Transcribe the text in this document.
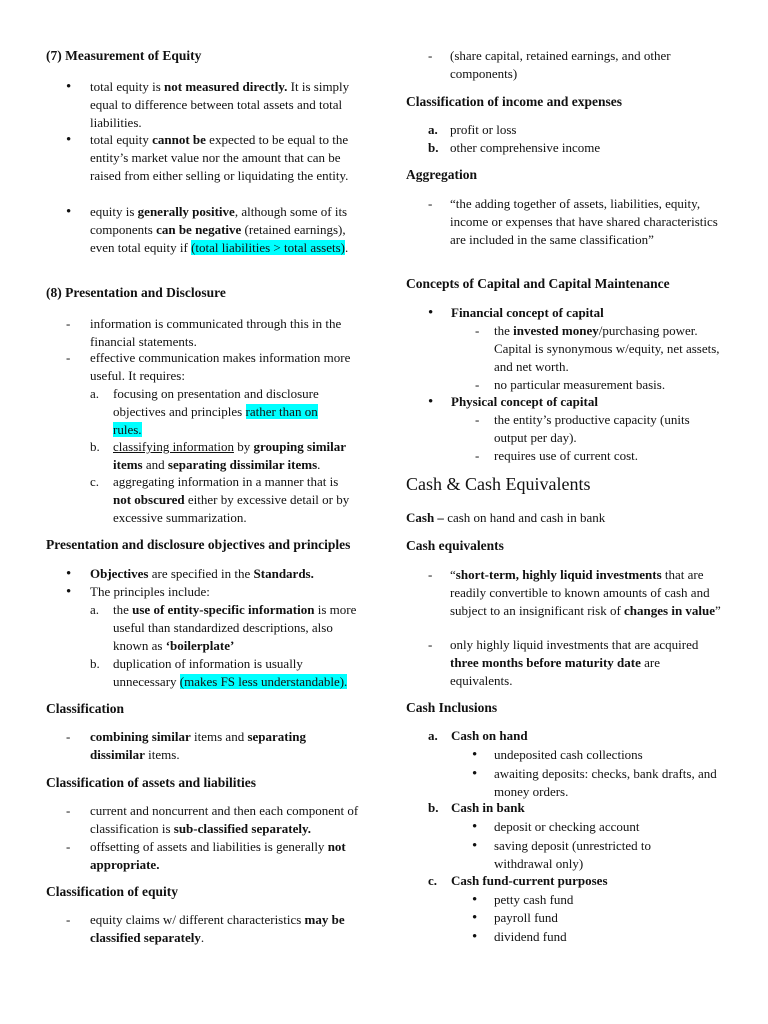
(7) Measurement of Equity
•
total equity is not measured directly. It is simply equal to difference between total assets and total liabilities.
•
total equity cannot be expected to be equal to the entity’s market value nor the amount that can be raised from either selling or liquidating the entity.
•
equity is generally positive, although some of its components can be negative (retained earnings), even total equity if (total liabilities > total assets).
(8) Presentation and Disclosure
-
information is communicated through this in the financial statements.
-
effective communication makes information more useful. It requires:
a.	focusing on presentation and disclosure objectives and principles rather than on rules.
b.	classifying information by grouping similar items and separating dissimilar items.
c.	aggregating information in a manner that is not obscured either by excessive detail or by excessive summarization.
Presentation and disclosure objectives and principles
•
Objectives are specified in the Standards.
•
The principles include:
a.	the use of entity-specific information is more useful than standardized descriptions, also known as ‘boilerplate’
b.	duplication of information is usually unnecessary (makes FS less understandable).
Classification
-
combining similar items and separating dissimilar items.
Classification of assets and liabilities
-
current and noncurrent and then each component of classification is sub-classified separately.
-
offsetting of assets and liabilities is generally not appropriate.
Classification of equity
-
equity claims w/ different characteristics may be classified separately.
-
(share capital, retained earnings, and other components)
Classification of income and expenses
a. profit or loss
b. other comprehensive income
Aggregation
-
“the adding together of assets, liabilities, equity, income or expenses that have shared characteristics are included in the same classification”
Concepts of Capital and Capital Maintenance
•
Financial concept of capital
-
the invested money/purchasing power. Capital is synonymous w/equity, net assets, and net worth.
-
no particular measurement basis.
•
Physical concept of capital
-
the entity’s productive capacity (units output per day).
-
requires use of current cost.
Cash & Cash Equivalents
Cash – cash on hand and cash in bank
Cash equivalents
-
“short-term, highly liquid investments that are readily convertible to known amounts of cash and subject to an insignificant risk of changes in value”
-
only highly liquid investments that are acquired three months before maturity date are equivalents.
Cash Inclusions
a.	Cash on hand
•
undeposited cash collections
•
awaiting deposits: checks, bank drafts, and money orders.
b. Cash in bank
•
deposit or checking account
•
saving deposit (unrestricted to withdrawal only)
c.	Cash fund-current purposes
•
petty cash fund
•
payroll fund
•
dividend fund
